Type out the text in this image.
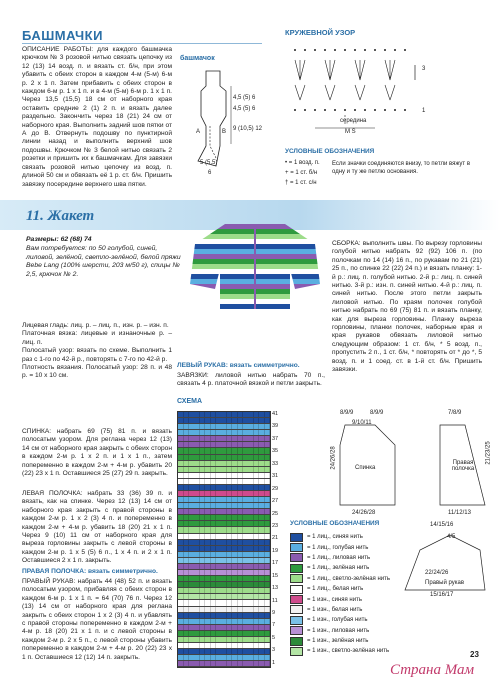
БАШМАЧКИ
ОПИСАНИЕ РАБОТЫ: для каждого башмачка крючком № 3 розовой нитью связать цепочку из 12 (13) 14 возд. п. и вязать ст. б/н, при этом убавить с обеих сторон в каждом 4-м (5-м) 6-м р. 2 х 1 п. Затем прибавить с обеих сторон в каждом 6-м р. 1 х 1 п. и в 4-м (5-м) 6-м р. 1 х 1 п. Через 13,5 (15,5) 18 см от наборного края оставить средние 2 (1) 2 п. и вязать далее раздельно. Закончить через 18 (21) 24 см от наборного края. Выполнить задний шов пятки от А до В. Отвернуть подошву по пунктирной линии назад и выполнить верхний шов подошвы. Крючком № 3 белой нитью связать 2 розетки и пришить их к башмачкам. Для завязки связать розовой нитью цепочку из возд. п. длиной 50 см и обвязать её 1 р. ст. б/н. Пришить завязку посередине верхнего шва пятки.
башмачок
4,5 (5) 6
4,5 (5) 6
9 (10,5) 12
5 (5,5)
6
A	B
КРУЖЕВНОЙ УЗОР
3
1
середина
M S
УСЛОВНЫЕ ОБОЗНАЧЕНИЯ
• = 1 возд. п.
+ = 1 ст. б/н
† = 1 ст. с/н
Если значки соединяются внизу, то петли вяжут в одну и ту же петлю основания.
11. Жакет
Размеры: 62 (68) 74
Вам потребуется: по 50 голубой, синей, лиловой, зелёной, светло-зелёной, белой пряжи Bebe Lang (100% шерсти, 203 м/50 г), спицы № 2,5, крючок № 2.
СБОРКА: выполнить швы. По вырезу горловины голубой нитью набрать 92 (92) 106 п. (по полочкам по 14 (14) 16 п., по рукавам по 21 (21) 25 п., по спинке 22 (22) 24 п.) и вязать планку: 1-й р.: лиц. п. голубой нитью. 2-й р.: лиц. п. синей нитью. 3-й р.: изн. п. синей нитью. 4-й р.: лиц. п. синей нитью. После этого петли закрыть лиловой нитью. По краям полочек голубой нитью набрать по 69 (75) 81 п. и вязать планку, как для выреза горловины. Планку выреза горловины, планки полочек, наборные края и края рукавов обвязать лиловой нитью следующим образом: 1 ст. б/н, * 5 возд. п., пропустить 2 п., 1 ст. б/н, * повторять от * до *, 5 возд. п. и 1 соед. ст. в 1-й ст. б/н. Пришить завязки.
Лицевая гладь: лиц. р. – лиц. п., изн. р. – изн. п.
Платочная вязка: лицевые и изнаночные р. – лиц. п.
Полосатый узор: вязать по схеме. Выполнить 1 раз с 1-го по 42-й р., повторять с 7-го по 42-й р.
Плотность вязания. Полосатый узор: 28 п. и 48 р. = 10 х 10 см.
СПИНКА: набрать 69 (75) 81 п. и вязать полосатым узором. Для реглана через 12 (13) 14 см от наборного края закрыть с обеих сторон в каждом 2-м р. 1 х 2 п. и 1 х 1 п., затем попеременно в каждом 2-м + 4-м р. убавить 20 (22) 23 х 1 п. Оставшиеся 25 (27) 29 п. закрыть.
ЛЕВАЯ ПОЛОЧКА: набрать 33 (36) 39 п. и вязать, как на спинке. Через 12 (13) 14 см от наборного края закрыть с правой стороны в каждом 2-м р. 1 х 2 (3) 4 п. и попеременно в каждом 2-м + 4-м р. убавить 18 (20) 21 х 1 п. Через 9 (10) 11 см от наборного края для выреза горловины закрыть с левой стороны в каждом 2-м р. 1 х 5 (5) 6 п., 1 х 4 п. и 2 х 1 п. Оставшиеся 2 х 1 п. закрыть.
ПРАВАЯ ПОЛОЧКА: вязать симметрично.
ПРАВЫЙ РУКАВ: набрать 44 (48) 52 п. и вязать полосатым узором, прибавляя с обеих сторон в каждом 6-м р. 1 х 1 п. = 64 (70) 76 п. Через 12 (13) 14 см от наборного края для реглана закрыть с обеих сторон 1 х 2 (3) 4 п. и убавлять с правой стороны попеременно в каждом 2-м + 4-м р. 18 (20) 21 х 1 п. и с левой стороны в каждом 2-м р. 2 х 5 п., с левой стороны убавить попеременно в каждом 2-м + 4-м р. 20 (22) 23 х 1 п. Оставшиеся 12 (12) 14 п. закрыть.
ЛЕВЫЙ РУКАВ: вязать симметрично.
ЗАВЯЗКИ: лиловой нитью набрать 70 п., связать 4 р. платочной вязкой и петли закрыть.
СХЕМА
41
39
37
35
33
31
29
27
25
23
21
19
17
15
13
11
9
7
5
3
1
8/9/9	8/9/9
9/10/11
24/26/28	Спинка
24/26/28
7/8/9
Правая полочка
11/12/13
21/23/25
УСЛОВНЫЕ ОБОЗНАЧЕНИЯ
= 1 лиц., синяя нить
= 1 лиц., голубая нить
= 1 лиц., лиловая нить
= 1 лиц., зелёная нить
= 1 лиц., светло-зелёная нить
= 1 лиц., белая нить
= 1 изн., синяя нить
= 1 изн., белая нить
= 1 изн., голубая нить
= 1 изн., лиловая нить
= 1 изн., зелёная нить
= 1 изн., светло-зелёная нить
14/15/16
4/5
22/24/26
Правый рукав
15/16/17
23
Страна Мам
